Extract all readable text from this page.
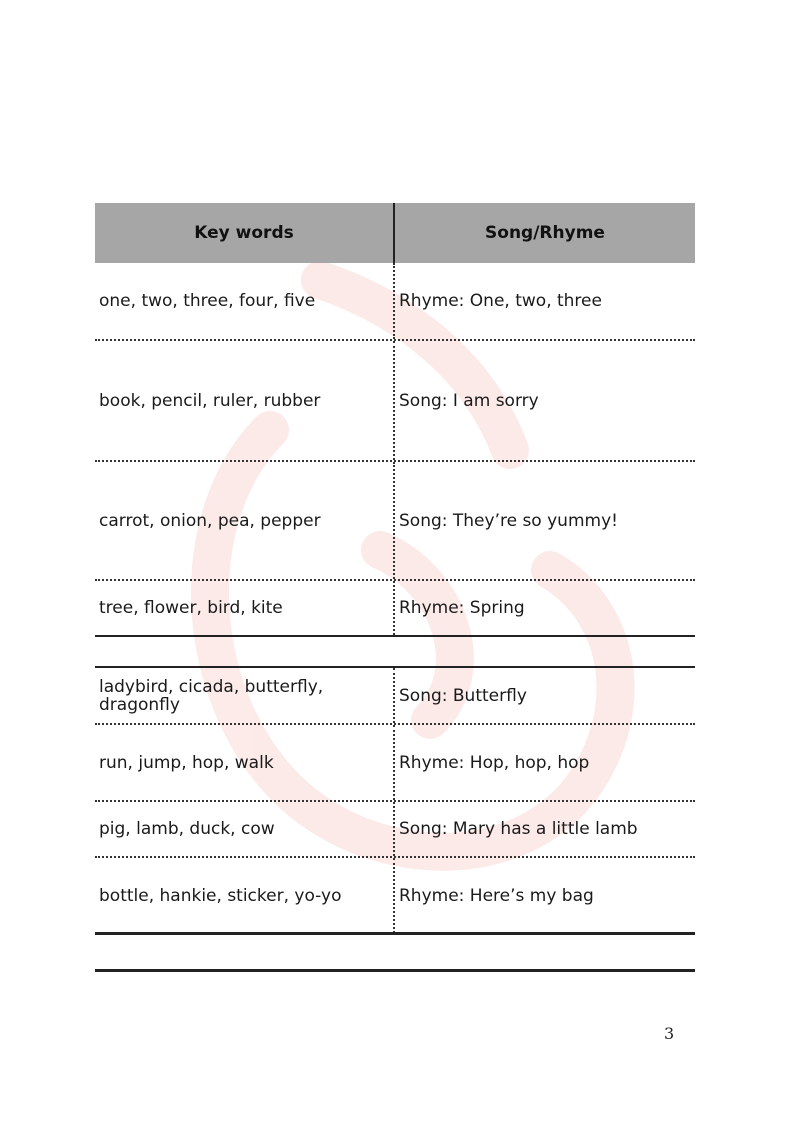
Key words	Song/Rhyme
one, two, three, four, five	Rhyme: One, two, three
book, pencil, ruler, rubber	Song: I am sorry
carrot, onion, pea, pepper	Song: They’re so yummy!
tree, flower, bird, kite	Rhyme: Spring
ladybird, cicada, butterfly, dragonfly	Song: Butterfly
run, jump, hop, walk	Rhyme: Hop, hop, hop
pig, lamb, duck, cow	Song: Mary has a little lamb
bottle, hankie, sticker, yo-yo	Rhyme: Here’s my bag
3
